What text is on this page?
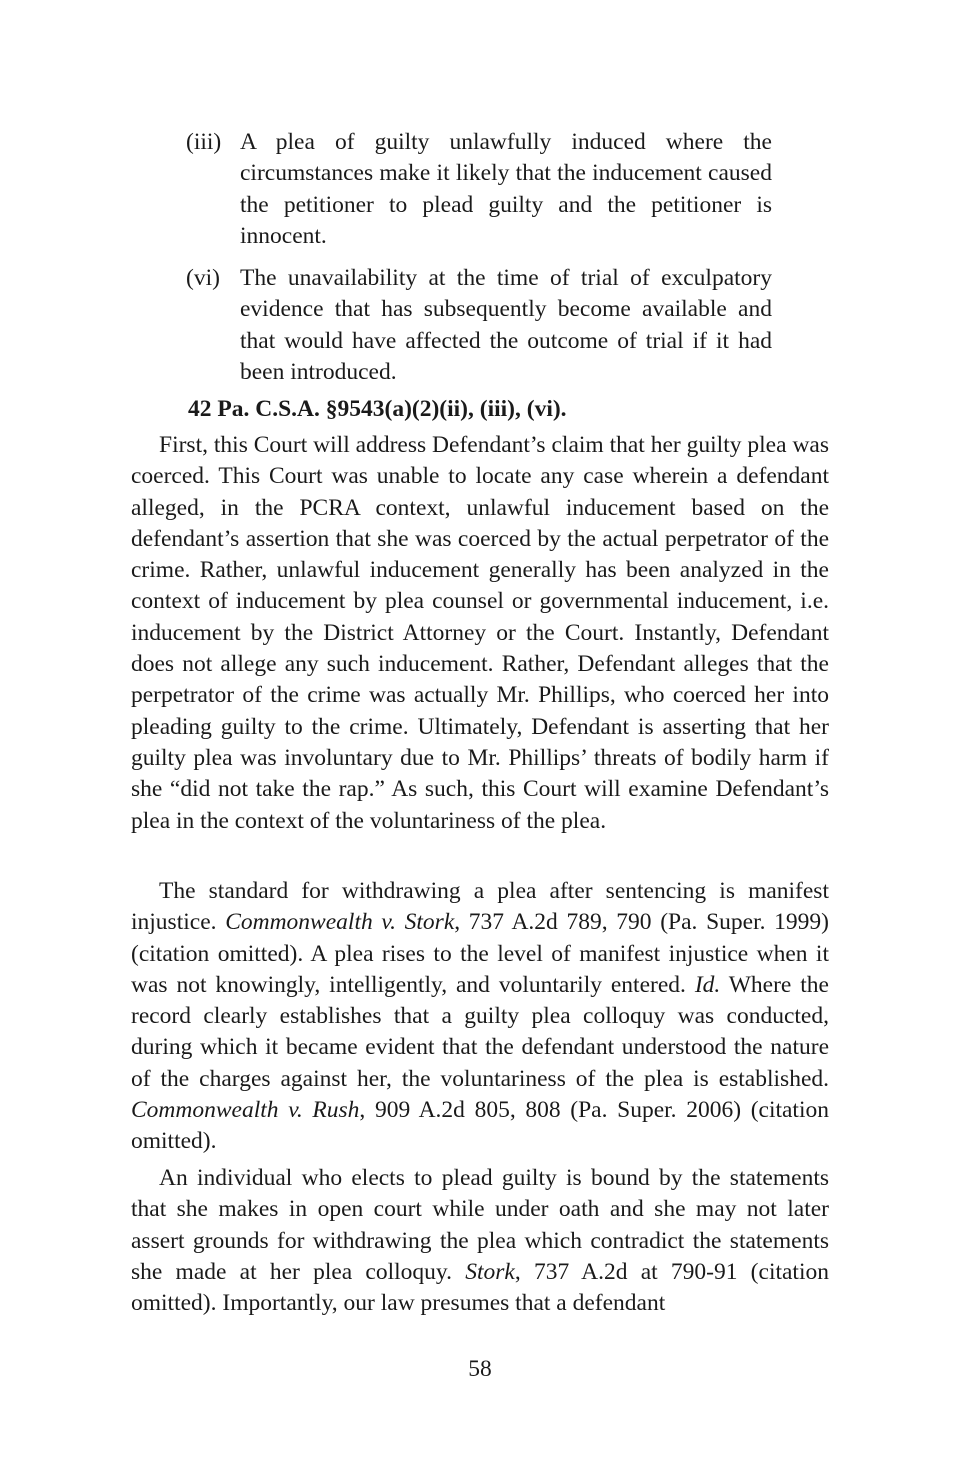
(iii) A plea of guilty unlawfully induced where the circumstances make it likely that the inducement caused the petitioner to plead guilty and the petitioner is innocent.
(vi) The unavailability at the time of trial of exculpatory evidence that has subsequently become available and that would have affected the outcome of trial if it had been introduced.
42 Pa. C.S.A. §9543(a)(2)(ii), (iii), (vi).

First, this Court will address Defendant’s claim that her guilty plea was coerced. This Court was unable to locate any case wherein a defendant alleged, in the PCRA context, unlawful inducement based on the defendant’s assertion that she was coerced by the actual perpetrator of the crime. Rather, unlawful inducement generally has been analyzed in the context of inducement by plea counsel or governmental inducement, i.e. inducement by the District Attorney or the Court. Instantly, Defendant does not allege any such inducement. Rather, Defendant alleges that the perpetrator of the crime was actually Mr. Phillips, who coerced her into pleading guilty to the crime. Ultimately, Defendant is asserting that her guilty plea was involuntary due to Mr. Phillips’ threats of bodily harm if she “did not take the rap.” As such, this Court will examine Defendant’s plea in the context of the voluntariness of the plea.

The standard for withdrawing a plea after sentencing is manifest injustice. Commonwealth v. Stork, 737 A.2d 789, 790 (Pa. Super. 1999) (citation omitted). A plea rises to the level of manifest injustice when it was not knowingly, intelligently, and voluntarily entered. Id. Where the record clearly establishes that a guilty plea colloquy was conducted, during which it became evident that the defendant understood the nature of the charges against her, the voluntariness of the plea is established. Commonwealth v. Rush, 909 A.2d 805, 808 (Pa. Super. 2006) (citation omitted).

An individual who elects to plead guilty is bound by the statements that she makes in open court while under oath and she may not later assert grounds for withdrawing the plea which contradict the statements she made at her plea colloquy. Stork, 737 A.2d at 790-91 (citation omitted). Importantly, our law presumes that a defendant

58
